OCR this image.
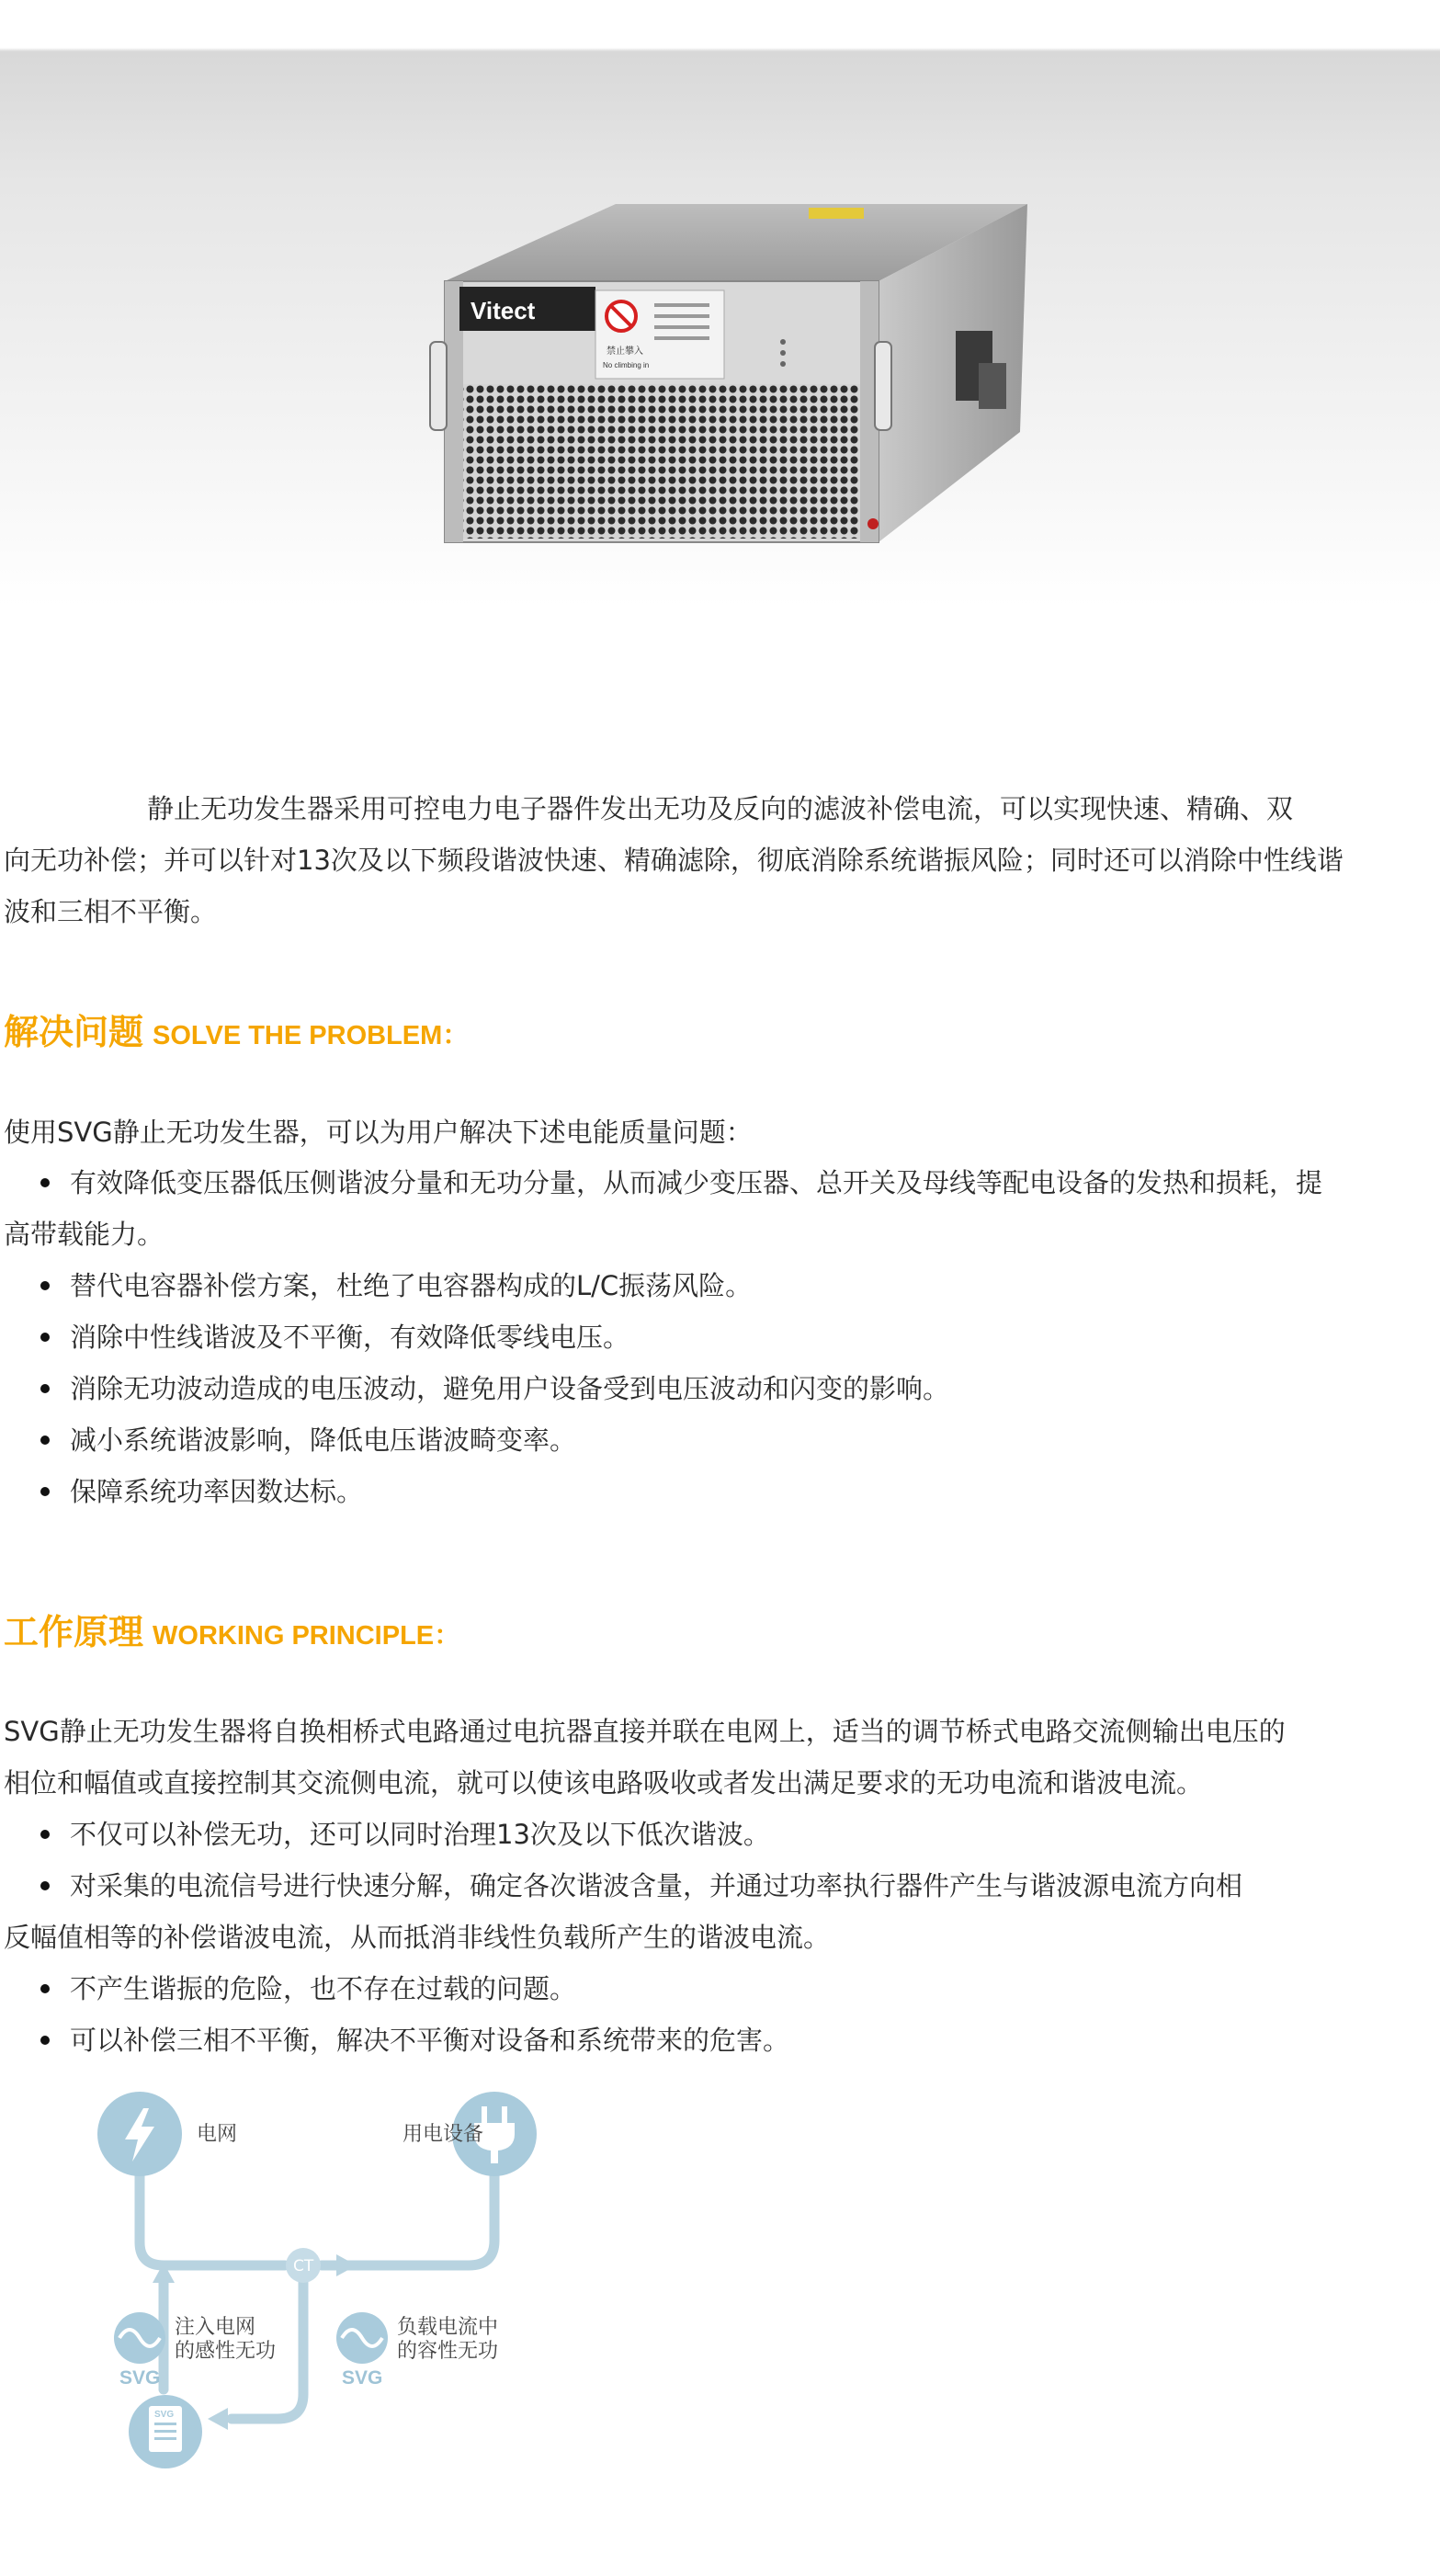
Vitect
禁止攀入
No climbing in
静止无功发生器采用可控电力电子器件发出无功及反向的滤波补偿电流，可以实现快速、精确、双
向无功补偿；并可以针对13次及以下频段谐波快速、精确滤除，彻底消除系统谐振风险；同时还可以消除中性线谐
波和三相不平衡。
解决问题 SOLVE THE PROBLEM：
使用SVG静止无功发生器，可以为用户解决下述电能质量问题：
有效降低变压器低压侧谐波分量和无功分量，从而减少变压器、总开关及母线等配电设备的发热和损耗，提
高带载能力。
替代电容器补偿方案，杜绝了电容器构成的L/C振荡风险。
消除中性线谐波及不平衡，有效降低零线电压。
消除无功波动造成的电压波动，避免用户设备受到电压波动和闪变的影响。
减小系统谐波影响，降低电压谐波畸变率。
保障系统功率因数达标。
工作原理 WORKING PRINCIPLE：
SVG静止无功发生器将自换相桥式电路通过电抗器直接并联在电网上，适当的调节桥式电路交流侧输出电压的
相位和幅值或直接控制其交流侧电流，就可以使该电路吸收或者发出满足要求的无功电流和谐波电流。
不仅可以补偿无功，还可以同时治理13次及以下低次谐波。
对采集的电流信号进行快速分解，确定各次谐波含量，并通过功率执行器件产生与谐波源电流方向相
反幅值相等的补偿谐波电流，从而抵消非线性负载所产生的谐波电流。
不产生谐振的危险，也不存在过载的问题。
可以补偿三相不平衡，解决不平衡对设备和系统带来的危害。
电网	用电设备
CT
注入电网
的感性无功
负载电流中
的容性无功
SVG	SVG
SVG
